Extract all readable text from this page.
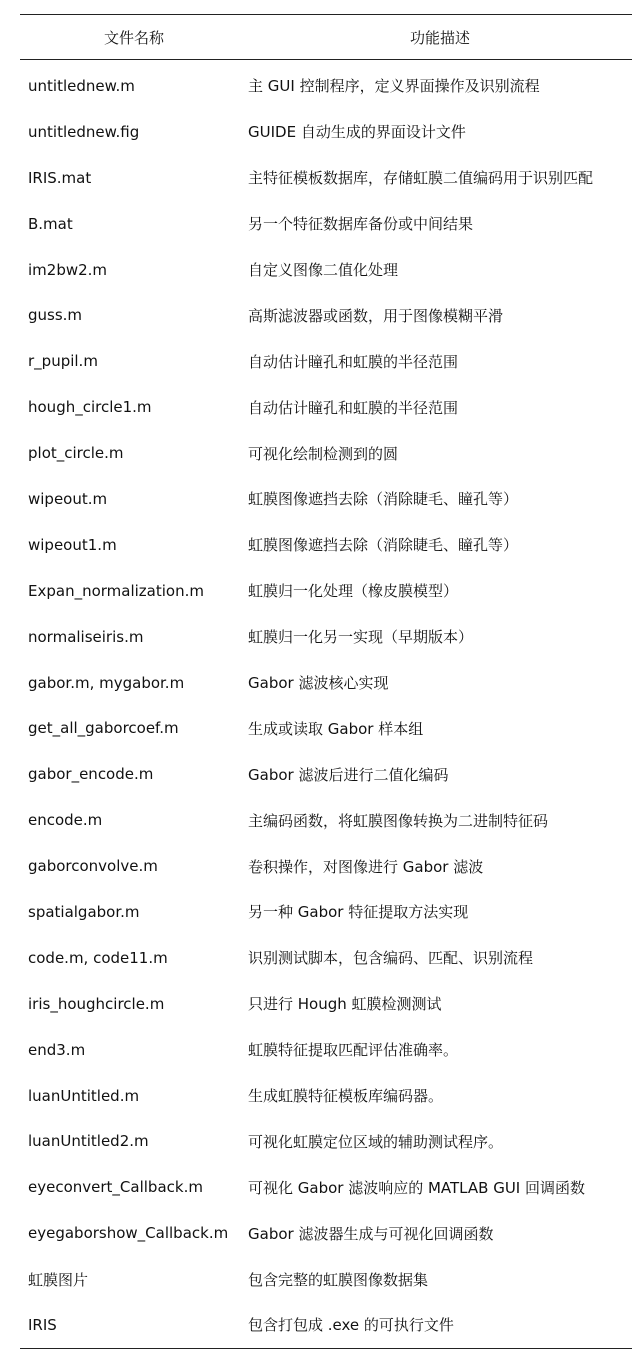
文件名称	功能描述
untitlednew.m	主 GUI 控制程序，定义界面操作及识别流程
untitlednew.fig	GUIDE 自动生成的界面设计文件
IRIS.mat	主特征模板数据库，存储虹膜二值编码用于识别匹配
B.mat	另一个特征数据库备份或中间结果
im2bw2.m	自定义图像二值化处理
guss.m	高斯滤波器或函数，用于图像模糊平滑
r_pupil.m	自动估计瞳孔和虹膜的半径范围
hough_circle1.m	自动估计瞳孔和虹膜的半径范围
plot_circle.m	可视化绘制检测到的圆
wipeout.m	虹膜图像遮挡去除（消除睫毛、瞳孔等）
wipeout1.m	虹膜图像遮挡去除（消除睫毛、瞳孔等）
Expan_normalization.m	虹膜归一化处理（橡皮膜模型）
normaliseiris.m	虹膜归一化另一实现（早期版本）
gabor.m, mygabor.m	Gabor 滤波核心实现
get_all_gaborcoef.m	生成或读取 Gabor 样本组
gabor_encode.m	Gabor 滤波后进行二值化编码
encode.m	主编码函数，将虹膜图像转换为二进制特征码
gaborconvolve.m	卷积操作，对图像进行 Gabor 滤波
spatialgabor.m	另一种 Gabor 特征提取方法实现
code.m, code11.m	识别测试脚本，包含编码、匹配、识别流程
iris_houghcircle.m	只进行 Hough 虹膜检测测试
end3.m	虹膜特征提取匹配评估准确率。
luanUntitled.m	生成虹膜特征模板库编码器。
luanUntitled2.m	可视化虹膜定位区域的辅助测试程序。
eyeconvert_Callback.m	可视化 Gabor 滤波响应的 MATLAB GUI 回调函数
eyegaborshow_Callback.m	Gabor 滤波器生成与可视化回调函数
虹膜图片	包含完整的虹膜图像数据集
IRIS	包含打包成 .exe 的可执行文件
